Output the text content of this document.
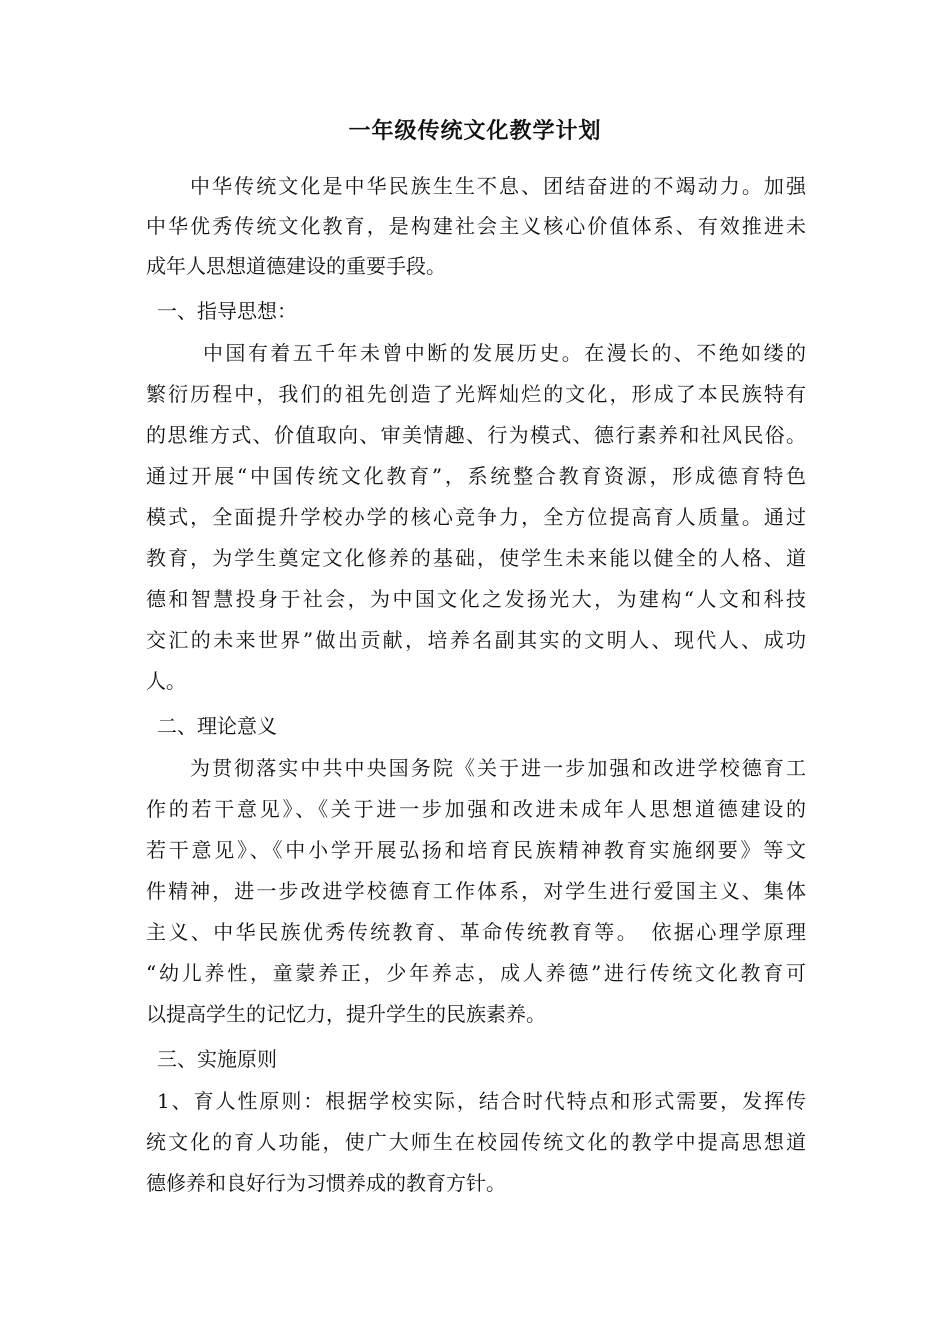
一年级传统文化教学计划
中华传统文化是中华民族生生不息、团结奋进的不竭动力。加强
中华优秀传统文化教育，是构建社会主义核心价值体系、有效推进未
成年人思想道德建设的重要手段。
一、指导思想：
中国有着五千年未曾中断的发展历史。在漫长的、不绝如缕的
繁衍历程中，我们的祖先创造了光辉灿烂的文化，形成了本民族特有
的思维方式、价值取向、审美情趣、行为模式、德行素养和社风民俗。
通过开展“中国传统文化教育”，系统整合教育资源，形成德育特色
模式，全面提升学校办学的核心竞争力，全方位提高育人质量。通过
教育，为学生奠定文化修养的基础，使学生未来能以健全的人格、道
德和智慧投身于社会，为中国文化之发扬光大，为建构“人文和科技
交汇的未来世界”做出贡献，培养名副其实的文明人、现代人、成功
人。
二、理论意义
为贯彻落实中共中央国务院《关于进一步加强和改进学校德育工
作的若干意见》、《关于进一步加强和改进未成年人思想道德建设的
若干意见》、《中小学开展弘扬和培育民族精神教育实施纲要》等文
件精神，进一步改进学校德育工作体系，对学生进行爱国主义、集体
主义、中华民族优秀传统教育、革命传统教育等。　依据心理学原理
“幼儿养性，童蒙养正，少年养志，成人养德”进行传统文化教育可
以提高学生的记忆力，提升学生的民族素养。
三、实施原则
1、育人性原则：根据学校实际，结合时代特点和形式需要，发挥传
统文化的育人功能，使广大师生在校园传统文化的教学中提高思想道
德修养和良好行为习惯养成的教育方针。
